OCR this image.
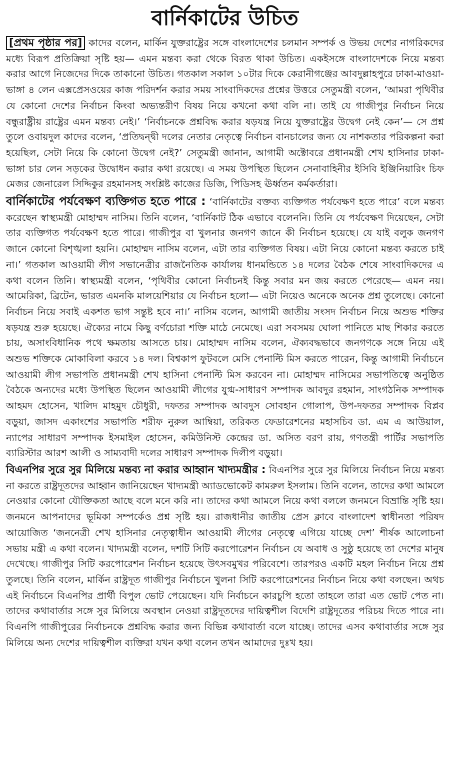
বার্নিকাটের উচিত

[প্রথম পৃষ্ঠার পর] কাদের বলেন, মার্কিন যুক্তরাষ্ট্রের সঙ্গে বাংলাদেশের চলমান সম্পর্ক ও উভয় দেশের নাগরিকদের মধ্যে বিরূপ প্রতিক্রিয়া সৃষ্টি হয়— এমন মন্তব্য করা থেকে বিরত থাকা উচিত। একইসঙ্গে বাংলাদেশকে নিয়ে মন্তব্য করার আগে নিজেদের দিকে তাকানো উচিত। গতকাল সকাল ১০টার দিকে কেরানীগঞ্জের আবদুল্লাহপুরে ঢাকা-মাওয়া-ভাঙ্গা ৪ লেন এক্সপ্রেসওয়ের কাজ পরিদর্শন করার সময় সাংবাদিকদের প্রশ্নের উত্তরে সেতুমন্ত্রী বলেন, ‘আমরা পৃথিবীর যে কোনো দেশের নির্বাচন কিংবা অভ্যন্তরীণ বিষয় নিয়ে কখনো কথা বলি না। তাই যে গাজীপুর নির্বাচন নিয়ে বন্ধুরাষ্ট্রীয় রাষ্ট্রের এমন মন্তব্য নেই।’ ‘নির্বাচনকে প্রশ্নবিদ্ধ করার ষড়যন্ত্র নিয়ে যুক্তরাষ্ট্রের উদ্বেগ নেই কেন’— সে প্রশ্ন তুলে ওবায়দুল কাদের বলেন, ‘প্রতিদ্বন্দ্বী দলের নেতার নেতৃত্বে নির্বাচন বানচালের জন্য যে নাশকতার পরিকল্পনা করা হয়েছিল, সেটা নিয়ে কি কোনো উদ্বেগ নেই?’ সেতুমন্ত্রী জানান, আগামী অক্টোবরে প্রধানমন্ত্রী শেখ হাসিনার ঢাকা-ভাঙ্গা চার লেন সড়কের উদ্বোধন করার কথা রয়েছে। এ সময় উপস্থিত ছিলেন সেনাবাহিনীর ইসিবি ইঞ্জিনিয়ারিং চিফ মেজর জেনারেল সিদ্দিকুর রহমানসহ সংশ্লিষ্ট কাজের ডিজি, পিডিসহ ঊর্ধ্বতন কর্মকর্তারা।

বার্নিকাটের পর্যবেক্ষণ ব্যক্তিগত হতে পারে : ‘বার্নিকাটের বক্তব্য ব্যক্তিগত পর্যবেক্ষণ হতে পারে’ বলে মন্তব্য করেছেন স্বাস্থ্যমন্ত্রী মোহাম্মদ নাসিম। তিনি বলেন, ‘বার্নিকাট ঠিক এভাবে বলেননি। তিনি যে পর্যবেক্ষণ দিয়েছেন, সেটা তার ব্যক্তিগত পর্যবেক্ষণ হতে পারে। গাজীপুর বা খুলনার জনগণ জানে কী নির্বাচন হয়েছে। যে যাই বলুক জনগণ জানে কোনো বিশৃঙ্খলা হয়নি। মোহাম্মদ নাসিম বলেন, এটা তার ব্যক্তিগত বিষয়। এটা নিয়ে কোনো মন্তব্য করতে চাই না।’ গতকাল আওয়ামী লীগ সভানেত্রীর রাজনৈতিক কার্যালয় ধানমন্ডিতে ১৪ দলের বৈঠক শেষে সাংবাদিকদের এ কথা বলেন তিনি। স্বাস্থ্যমন্ত্রী বলেন, ‘পৃথিবীর কোনো নির্বাচনই কিন্তু সবার মন জয় করতে পেরেছে— এমন নয়। আমেরিকা, ব্রিটেন, ভারত এমনকি মালয়েশিয়ার যে নির্বাচন হলো— এটা নিয়েও অনেকে অনেক প্রশ্ন তুলেছে। কোনো নির্বাচন নিয়ে সবাই একশত ভাগ সন্তুষ্ট হবে না।’ নাসিম বলেন, আগামী জাতীয় সংসদ নির্বাচন নিয়ে অশুভ শক্তির ষড়যন্ত্র শুরু হয়েছে। ঐক্যের নামে কিছু বর্ণচোরা শক্তি মাঠে নেমেছে। এরা সবসময় ঘোলা পানিতে মাছ শিকার করতে চায়, অসাংবিধানিক পথে ক্ষমতায় আসতে চায়। মোহাম্মদ নাসিম বলেন, ঐক্যবদ্ধভাবে জনগণকে সঙ্গে নিয়ে এই অশুভ শক্তিকে মোকাবিলা করবে ১৪ দল। বিশ্বকাপ ফুটবলে মেসি পেনাল্টি মিস করতে পারেন, কিন্তু আগামী নির্বাচনে আওয়ামী লীগ সভাপতি প্রধানমন্ত্রী শেখ হাসিনা পেনাল্টি মিস করবেন না। মোহাম্মদ নাসিমের সভাপতিত্বে অনুষ্ঠিত বৈঠকে অন্যদের মধ্যে উপস্থিত ছিলেন আওয়ামী লীগের যুগ্ম-সাধারণ সম্পাদক আবদুর রহমান, সাংগঠনিক সম্পাদক আহমদ হোসেন, খালিদ মাহমুদ চৌধুরী, দফতর সম্পাদক আবদুস সোবহান গোলাপ, উপ-দফতর সম্পাদক বিপ্লব বড়ুয়া, জাসদ একাংশের সভাপতি শরীফ নুরুল আম্বিয়া, তরিকত ফেডারেশনের মহাসচিব ডা. এম এ আউয়াল, ন্যাপের সাধারণ সম্পাদক ইসমাইল হোসেন, কমিউনিস্ট কেন্দ্রের ডা. অসিত বরণ রায়, গণতন্ত্রী পার্টির সভাপতি ব্যারিস্টার আরশ আলী ও সাম্যবাদী দলের সাধারণ সম্পাদক দিলীপ বড়ুয়া।

বিএনপির সুরে সুর মিলিয়ে মন্তব্য না করার আহ্বান খাদ্যমন্ত্রীর : বিএনপির সুরে সুর মিলিয়ে নির্বাচন নিয়ে মন্তব্য না করতে রাষ্ট্রদূতদের আহ্বান জানিয়েছেন খাদ্যমন্ত্রী অ্যাডভোকেট কামরুল ইসলাম। তিনি বলেন, তাদের কথা আমলে নেওয়ার কোনো যৌক্তিকতা আছে বলে মনে করি না। তাদের কথা আমলে নিয়ে কথা বললে জনমনে বিভ্রান্তি সৃষ্টি হয়। জনমনে আপনাদের ভূমিকা সম্পর্কেও প্রশ্ন সৃষ্টি হয়। রাজধানীর জাতীয় প্রেস ক্লাবে বাংলাদেশ স্বাধীনতা পরিষদ আয়োজিত ‘জননেত্রী শেখ হাসিনার নেতৃত্বাধীন আওয়ামী লীগের নেতৃত্বে এগিয়ে যাচ্ছে দেশ’ শীর্ষক আলোচনা সভায় মন্ত্রী এ কথা বলেন। খাদ্যমন্ত্রী বলেন, দশটি সিটি করপোরেশন নির্বাচন যে অবাধ ও সুষ্ঠু হয়েছে তা দেশের মানুষ দেখেছে। গাজীপুর সিটি করপোরেশন নির্বাচন হয়েছে উৎসবমুখর পরিবেশে। তারপরও একটি মহল নির্বাচন নিয়ে প্রশ্ন তুলছে। তিনি বলেন, মার্কিন রাষ্ট্রদূত গাজীপুর নির্বাচনে খুলনা সিটি করপোরেশনের নির্বাচন নিয়ে কথা বলছেন। অথচ এই নির্বাচনে বিএনপির প্রার্থী বিপুল ভোট পেয়েছেন। যদি নির্বাচনে কারচুপি হতো তাহলে তারা এত ভোট পেত না। তাদের কথাবার্তার সঙ্গে সুর মিলিয়ে অবস্থান নেওয়া রাষ্ট্রদূতদের দায়িত্বশীল বিদেশি রাষ্ট্রদূতের পরিচয় দিতে পারে না। বিএনপি গাজীপুরের নির্বাচনকে প্রশ্নবিদ্ধ করার জন্য বিভিন্ন কথাবার্তা বলে যাচ্ছে। তাদের এসব কথাবার্তার সঙ্গে সুর মিলিয়ে অন্য দেশের দায়িত্বশীল ব্যক্তিরা যখন কথা বলেন তখন আমাদের দুঃখ হয়।
